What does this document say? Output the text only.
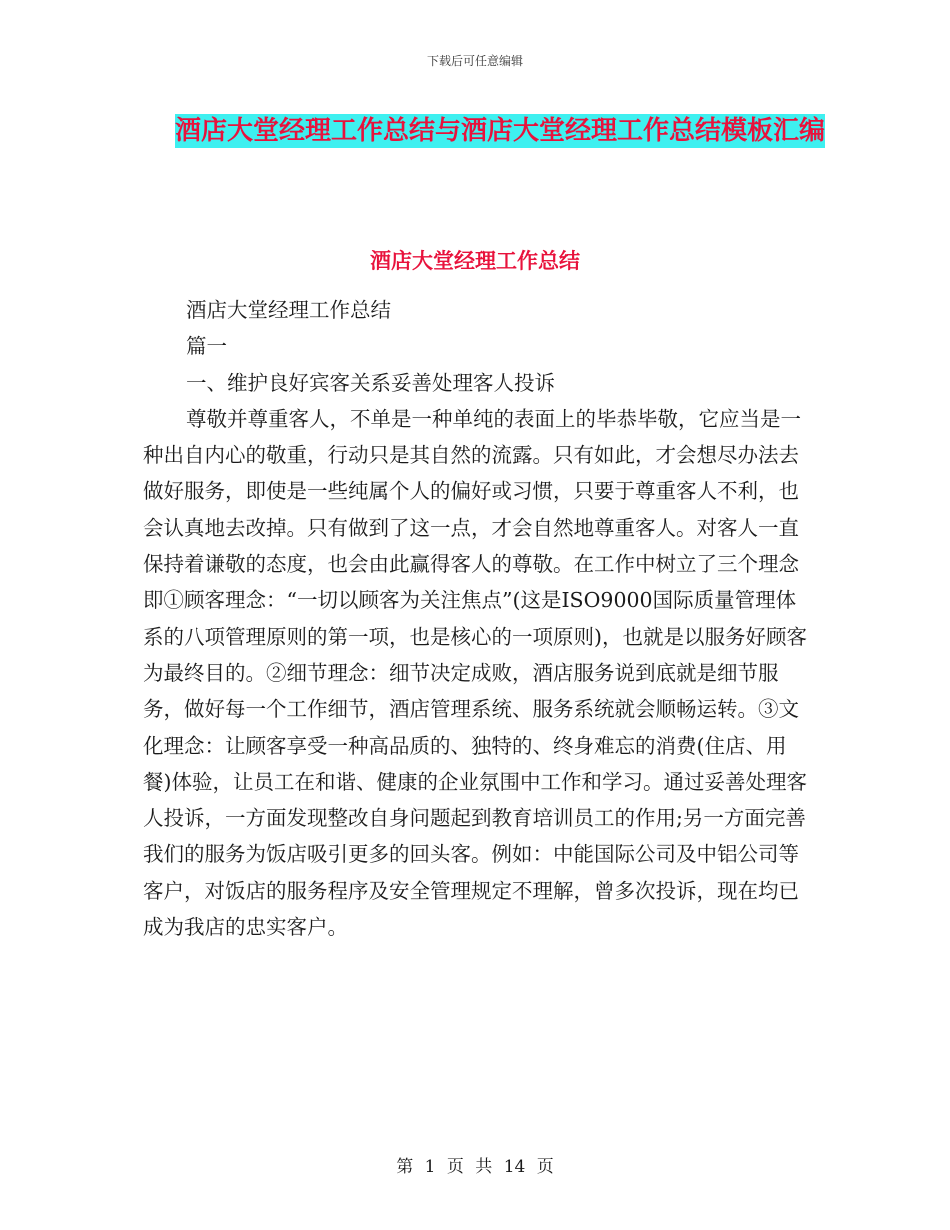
下载后可任意编辑
酒店大堂经理工作总结与酒店大堂经理工作总结模板汇编
酒店大堂经理工作总结

酒店大堂经理工作总结

篇一

一、维护良好宾客关系妥善处理客人投诉

尊敬并尊重客人，不单是一种单纯的表面上的毕恭毕敬，它应当是一种出自内心的敬重，行动只是其自然的流露。只有如此，才会想尽办法去做好服务，即使是一些纯属个人的偏好或习惯，只要于尊重客人不利，也会认真地去改掉。只有做到了这一点，才会自然地尊重客人。对客人一直保持着谦敬的态度，也会由此赢得客人的尊敬。在工作中树立了三个理念即①顾客理念：“一切以顾客为关注焦点”(这是ISO9000国际质量管理体系的八项管理原则的第一项，也是核心的一项原则)，也就是以服务好顾客为最终目的。②细节理念：细节决定成败，酒店服务说到底就是细节服务，做好每一个工作细节，酒店管理系统、服务系统就会顺畅运转。③文化理念：让顾客享受一种高品质的、独特的、终身难忘的消费(住店、用餐)体验，让员工在和谐、健康的企业氛围中工作和学习。通过妥善处理客人投诉，一方面发现整改自身问题起到教育培训员工的作用;另一方面完善我们的服务为饭店吸引更多的回头客。例如：中能国际公司及中铝公司等客户，对饭店的服务程序及安全管理规定不理解，曾多次投诉，现在均已成为我店的忠实客户。

第 1 页 共 14 页
